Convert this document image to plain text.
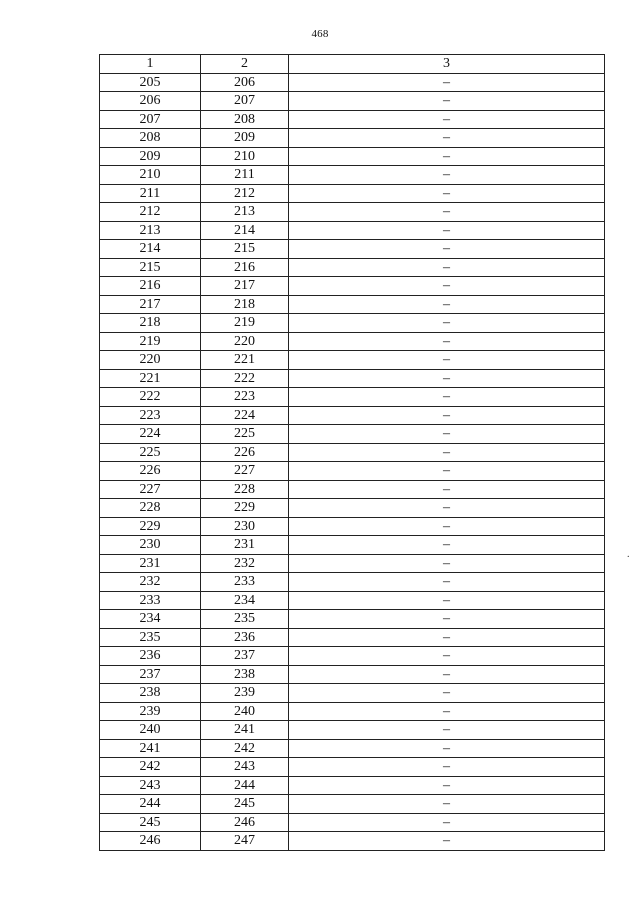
468
1	2	3
205	206	–
206	207	–
207	208	–
208	209	–
209	210	–
210	211	–
211	212	–
212	213	–
213	214	–
214	215	–
215	216	–
216	217	–
217	218	–
218	219	–
219	220	–
220	221	–
221	222	–
222	223	–
223	224	–
224	225	–
225	226	–
226	227	–
227	228	–
228	229	–
229	230	–
230	231	–
231	232	–
232	233	–
233	234	–
234	235	–
235	236	–
236	237	–
237	238	–
238	239	–
239	240	–
240	241	–
241	242	–
242	243	–
243	244	–
244	245	–
245	246	–
246	247	–
.
